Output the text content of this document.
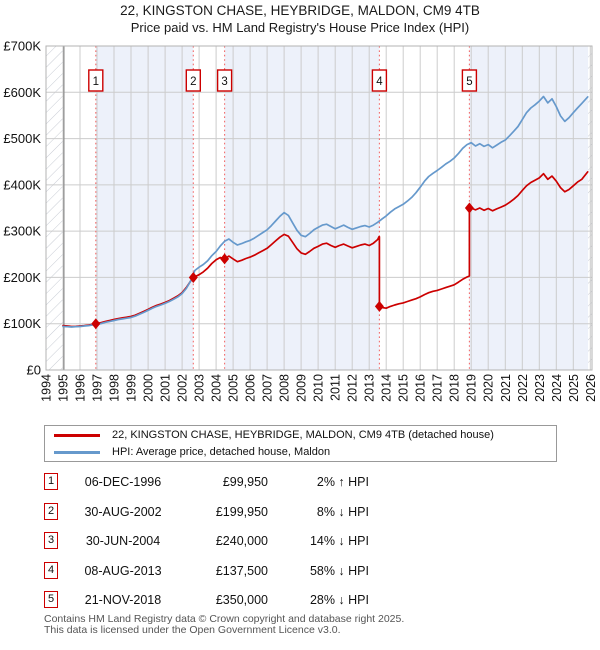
22, KINGSTON CHASE, HEYBRIDGE, MALDON, CM9 4TB
Price paid vs. HM Land Registry's House Price Index (HPI)
£0
£100K
£200K
£300K
£400K
£500K
£600K
£700K
1994 1995 1996 1997 1998 1999 2000 2001 2002 2003 2004 2005 2006 2007 2008 2009 2010 2011 2012 2013 2014 2015 2016 2017 2018 2019 2020 2021 2022 2023 2024 2025 2026
1	2 3	4	5
22, KINGSTON CHASE, HEYBRIDGE, MALDON, CM9 4TB (detached house)
HPI: Average price, detached house, Maldon
1	06-DEC-1996	£99,950	2% ↑ HPI
2	30-AUG-2002	£199,950	8% ↓ HPI
3	30-JUN-2004	£240,000	14% ↓ HPI
4	08-AUG-2013	£137,500	58% ↓ HPI
5	21-NOV-2018	£350,000	28% ↓ HPI
Contains HM Land Registry data © Crown copyright and database right 2025.
This data is licensed under the Open Government Licence v3.0.
